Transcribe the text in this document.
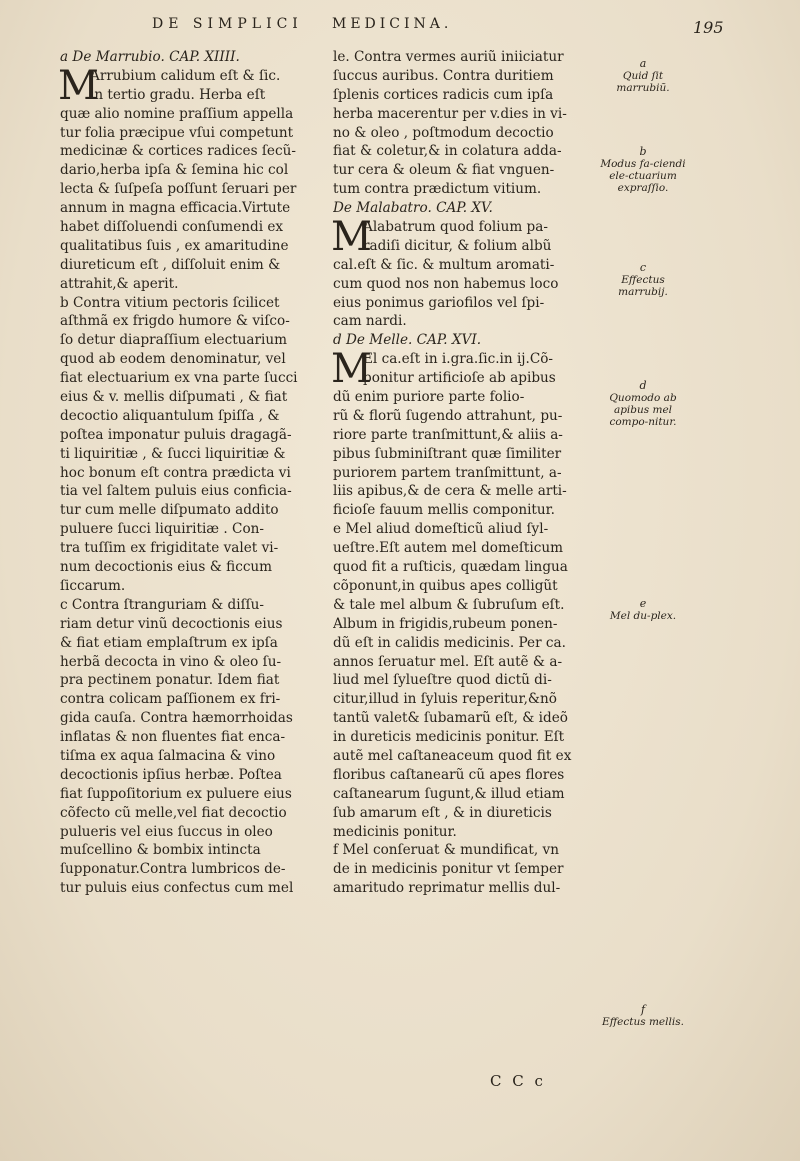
DE SIMPLICI MEDICINA.	195
a De Marrubio. CAP. XIIII.
M
Arrubium calidum eſt & ſic.
in tertio gradu. Herba eſt
quæ alio nomine praſſium appella
tur folia præcipue vſui competunt
medicinæ & cortices radices ſecũ-
dario,herba ipſa & ſemina hic col
lecta & ſuſpeſa poſſunt ſeruari per
annum in magna efficacia.Virtute
habet diſſoluendi conſumendi ex
qualitatibus ſuis , ex amaritudine
diureticum eſt , diſſoluit enim &
attrahit,& aperit.
b Contra vitium pectoris ſcilicet
aſthmã ex frigdo humore & viſco-
ſo detur diapraſſium electuarium
quod ab eodem denominatur, vel
fiat electuarium ex vna parte ſucci
eius & v. mellis diſpumati , & fiat
decoctio aliquantulum ſpiſſa , &
poſtea imponatur puluis dragagã-
ti liquiritiæ , & ſucci liquiritiæ &
hoc bonum eſt contra prædicta vi
tia vel ſaltem puluis eius conficia-
tur cum melle diſpumato addito
puluere ſucci liquiritiæ . Con-
tra tuſſim ex frigiditate valet vi-
num decoctionis eius & ficcum
ſiccarum.
c Contra ſtranguriam & diſſu-
riam detur vinũ decoctionis eius
& fiat etiam emplaſtrum ex ipſa
herbã decocta in vino & oleo ſu-
pra pectinem ponatur. Idem fiat
contra colicam paſſionem ex fri-
gida cauſa. Contra hæmorrhoidas
inflatas & non fluentes fiat enca-
tiſma ex aqua ſalmacina & vino
decoctionis ipſius herbæ. Poſtea
fiat ſuppoſitorium ex puluere eius
cõfecto cũ melle,vel fiat decoctio
pulueris vel eius ſuccus in oleo
muſcellino & bombix intincta
ſupponatur.Contra lumbricos de-
tur puluis eius confectus cum mel
le. Contra vermes auriũ iniiciatur
ſuccus auribus. Contra duritiem
ſplenis cortices radicis cum ipſa
herba macerentur per v.dies in vi-
no & oleo , poſtmodum decoctio
fiat & coletur,& in colatura adda-
tur cera & oleum & fiat vnguen-
tum contra prædictum vitium.
De Malabatro. CAP. XV.
M
Alabatrum quod folium pa-
radiſi dicitur, & folium albũ
cal.eſt & ſic. & multum aromati-
cum quod nos non habemus loco
eius ponimus gariofilos vel ſpi-
cam nardi.
d De Melle. CAP. XVI.
M
El ca.eſt in i.gra.ſic.in ij.Cõ-
ponitur artificioſe ab apibus
dũ enim puriore parte folio-
rũ & florũ ſugendo attrahunt, pu-
riore parte tranſmittunt,& aliis a-
pibus ſubminiſtrant quæ ſimiliter
puriorem partem tranſmittunt, a-
liis apibus,& de cera & melle arti-
ficioſe fauum mellis componitur.
e Mel aliud domeſticũ aliud ſyl-
ueſtre.Eſt autem mel domeſticum
quod fit a ruſticis, quædam lingua
cõponunt,in quibus apes colligũt
& tale mel album & ſubruſum eſt.
Album in frigidis,rubeum ponen-
dũ eſt in calidis medicinis. Per ca.
annos ſeruatur mel. Eſt autẽ & a-
liud mel ſylueſtre quod dictũ di-
citur,illud in ſyluis reperitur,&nõ
tantũ valet& ſubamarũ eſt, & ideõ
in dureticis medicinis ponitur. Eſt
autẽ mel caſtaneaceum quod fit ex
floribus caſtanearũ cũ apes flores
caſtanearum ſugunt,& illud etiam
ſub amarum eſt , & in diureticis
medicinis ponitur.
f Mel conſeruat & mundificat, vn
de in medicinis ponitur vt ſemper
amaritudo reprimatur mellis dul-
a
Quid ſit marrubiũ.
b
Modus fa-ciendi ele-ctuarium expraſſio.
c
Effectus marrubij.
d
Quomodo ab apibus mel compo-nitur.
e
Mel du-plex.
f
Effectus mellis.
C C c
